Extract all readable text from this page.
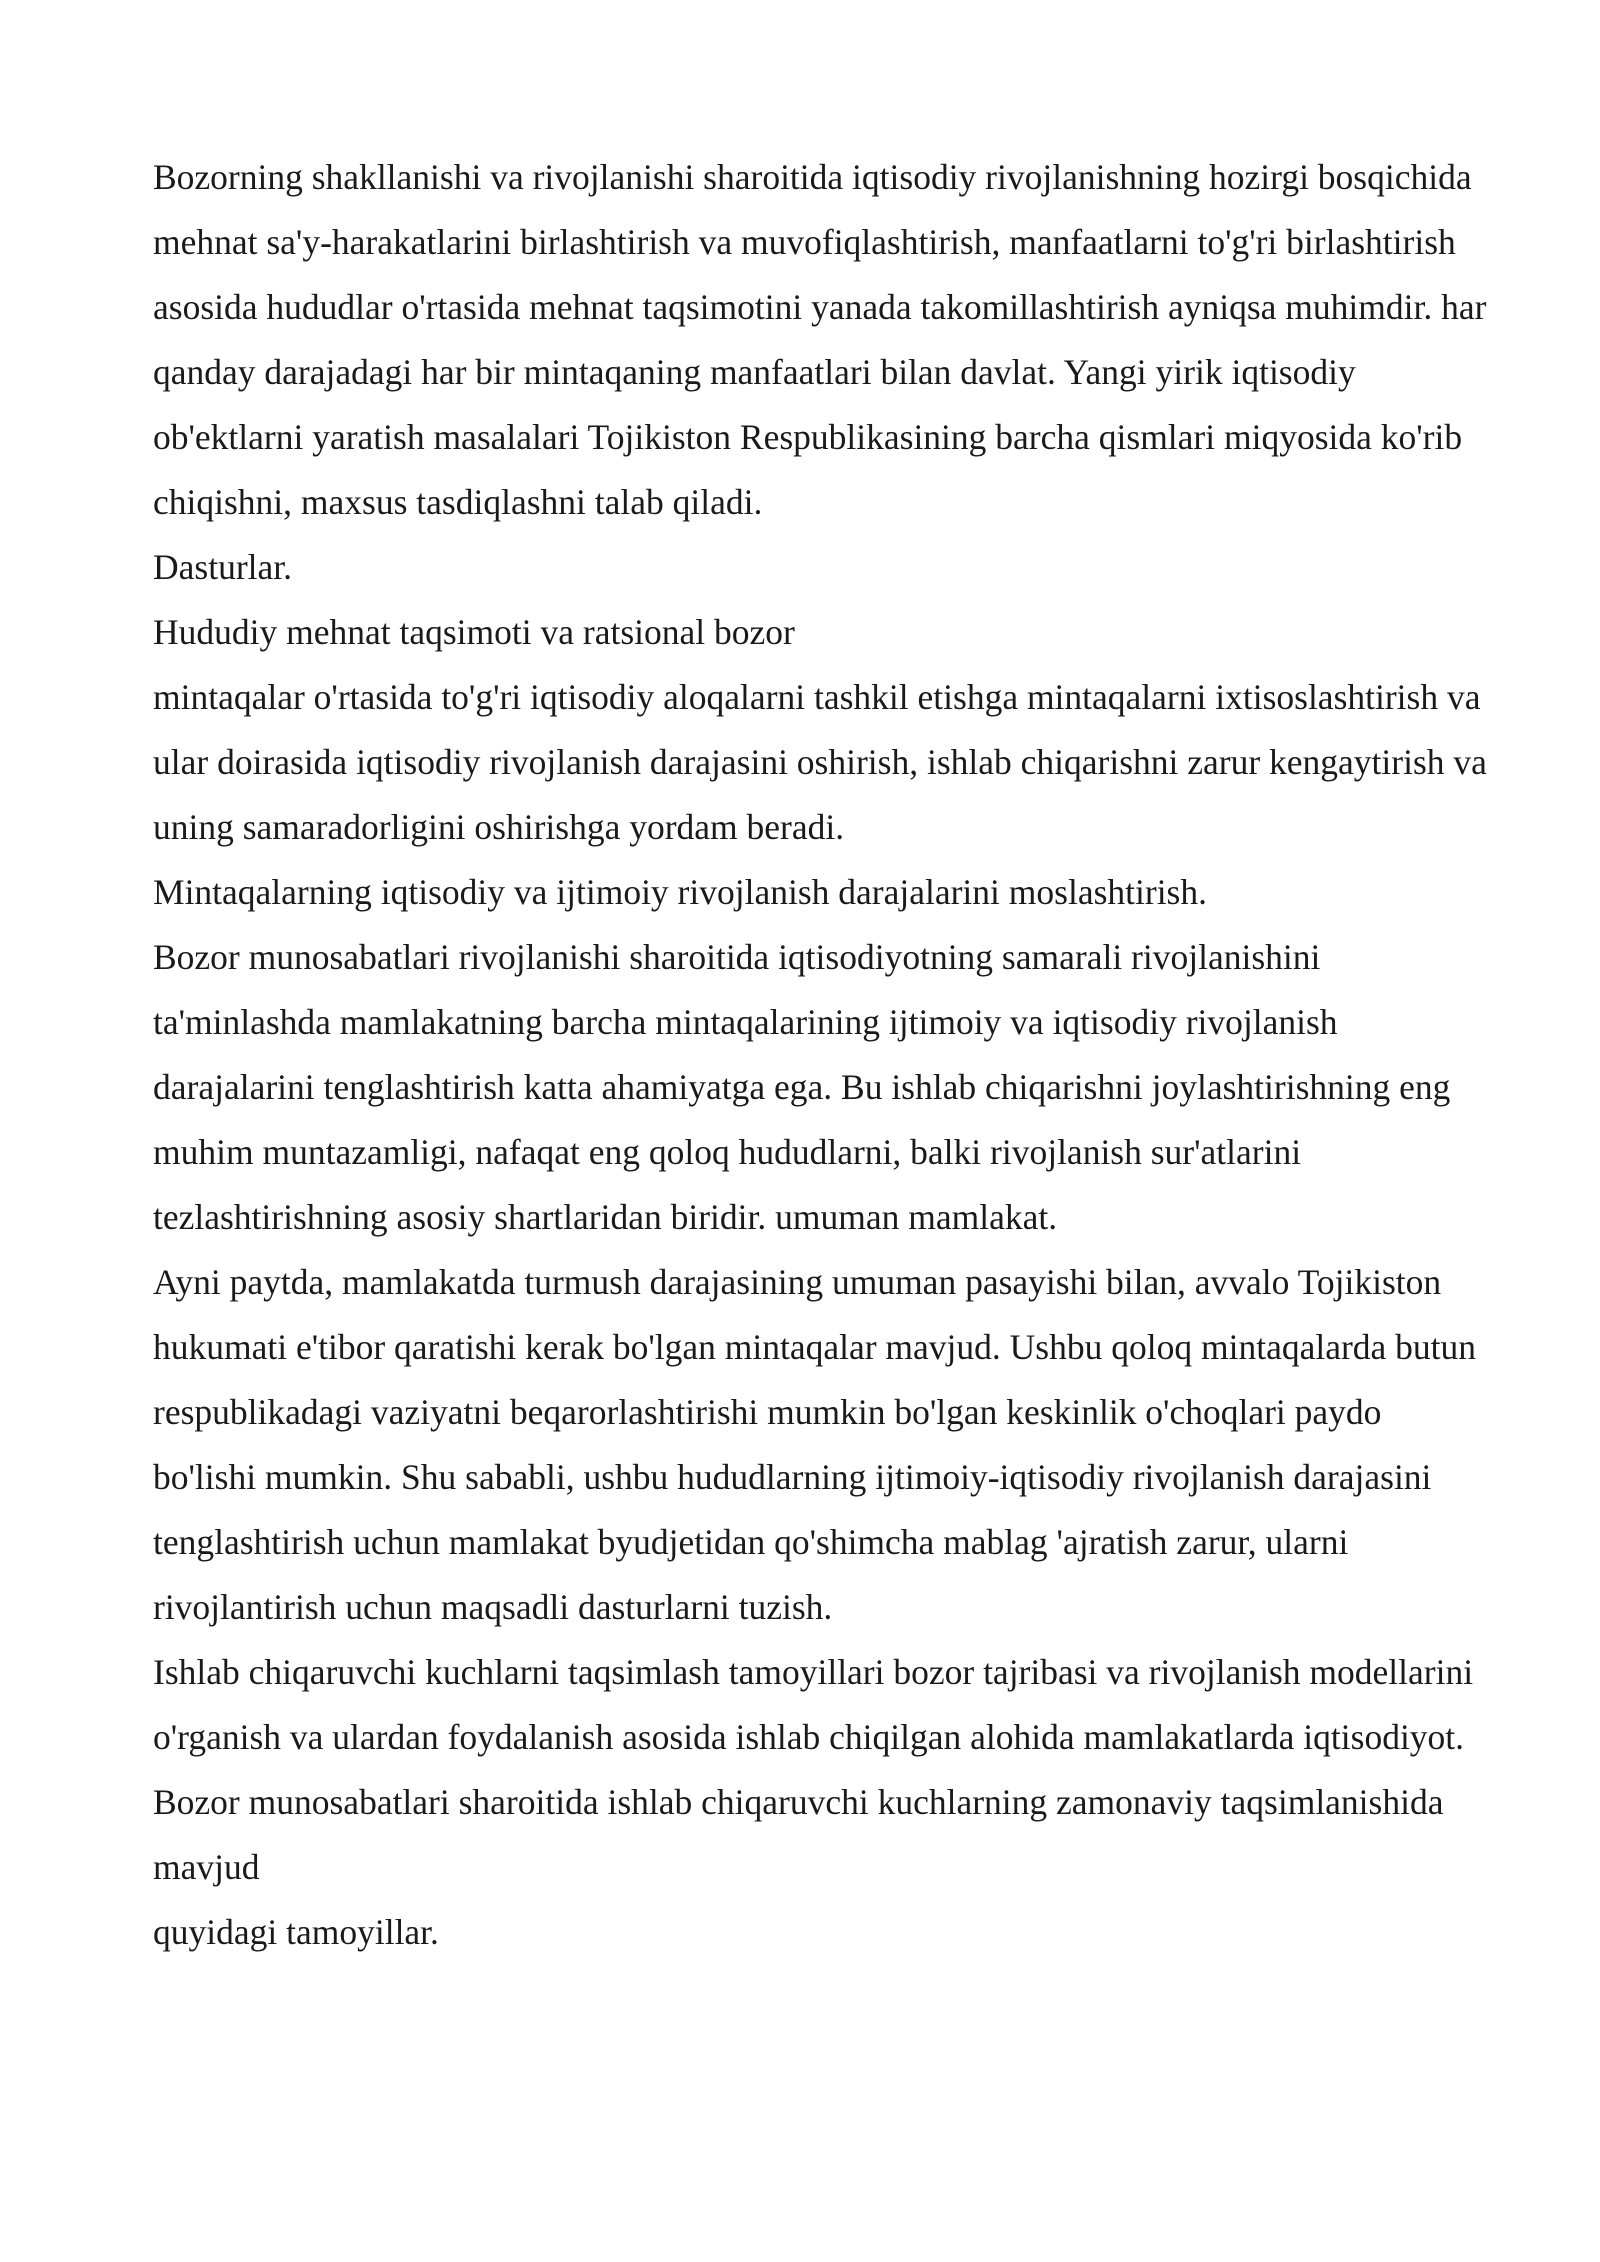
Bozorning shakllanishi va rivojlanishi sharoitida iqtisodiy rivojlanishning hozirgi bosqichida mehnat sa'y-harakatlarini birlashtirish va muvofiqlashtirish, manfaatlarni to'g'ri birlashtirish asosida hududlar o'rtasida mehnat taqsimotini yanada takomillashtirish ayniqsa muhimdir. har qanday darajadagi har bir mintaqaning manfaatlari bilan davlat. Yangi yirik iqtisodiy ob'ektlarni yaratish masalalari Tojikiston Respublikasining barcha qismlari miqyosida ko'rib chiqishni, maxsus tasdiqlashni talab qiladi.

Dasturlar.

Hududiy mehnat taqsimoti va ratsional bozor

mintaqalar o'rtasida to'g'ri iqtisodiy aloqalarni tashkil etishga mintaqalarni ixtisoslashtirish va ular doirasida iqtisodiy rivojlanish darajasini oshirish, ishlab chiqarishni zarur kengaytirish va uning samaradorligini oshirishga yordam beradi.

Mintaqalarning iqtisodiy va ijtimoiy rivojlanish darajalarini moslashtirish.

Bozor munosabatlari rivojlanishi sharoitida iqtisodiyotning samarali rivojlanishini ta'minlashda mamlakatning barcha mintaqalarining ijtimoiy va iqtisodiy rivojlanish darajalarini tenglashtirish katta ahamiyatga ega. Bu ishlab chiqarishni joylashtirishning eng muhim muntazamligi, nafaqat eng qoloq hududlarni, balki rivojlanish sur'atlarini tezlashtirishning asosiy shartlaridan biridir. umuman mamlakat.

Ayni paytda, mamlakatda turmush darajasining umuman pasayishi bilan, avvalo Tojikiston hukumati e'tibor qaratishi kerak bo'lgan mintaqalar mavjud. Ushbu qoloq mintaqalarda butun respublikadagi vaziyatni beqarorlashtirishi mumkin bo'lgan keskinlik o'choqlari paydo bo'lishi mumkin. Shu sababli, ushbu hududlarning ijtimoiy-iqtisodiy rivojlanish darajasini tenglashtirish uchun mamlakat byudjetidan qo'shimcha mablag 'ajratish zarur, ularni rivojlantirish uchun maqsadli dasturlarni tuzish.

Ishlab chiqaruvchi kuchlarni taqsimlash tamoyillari bozor tajribasi va rivojlanish modellarini o'rganish va ulardan foydalanish asosida ishlab chiqilgan alohida mamlakatlarda iqtisodiyot. Bozor munosabatlari sharoitida ishlab chiqaruvchi kuchlarning zamonaviy taqsimlanishida mavjud

quyidagi tamoyillar.
